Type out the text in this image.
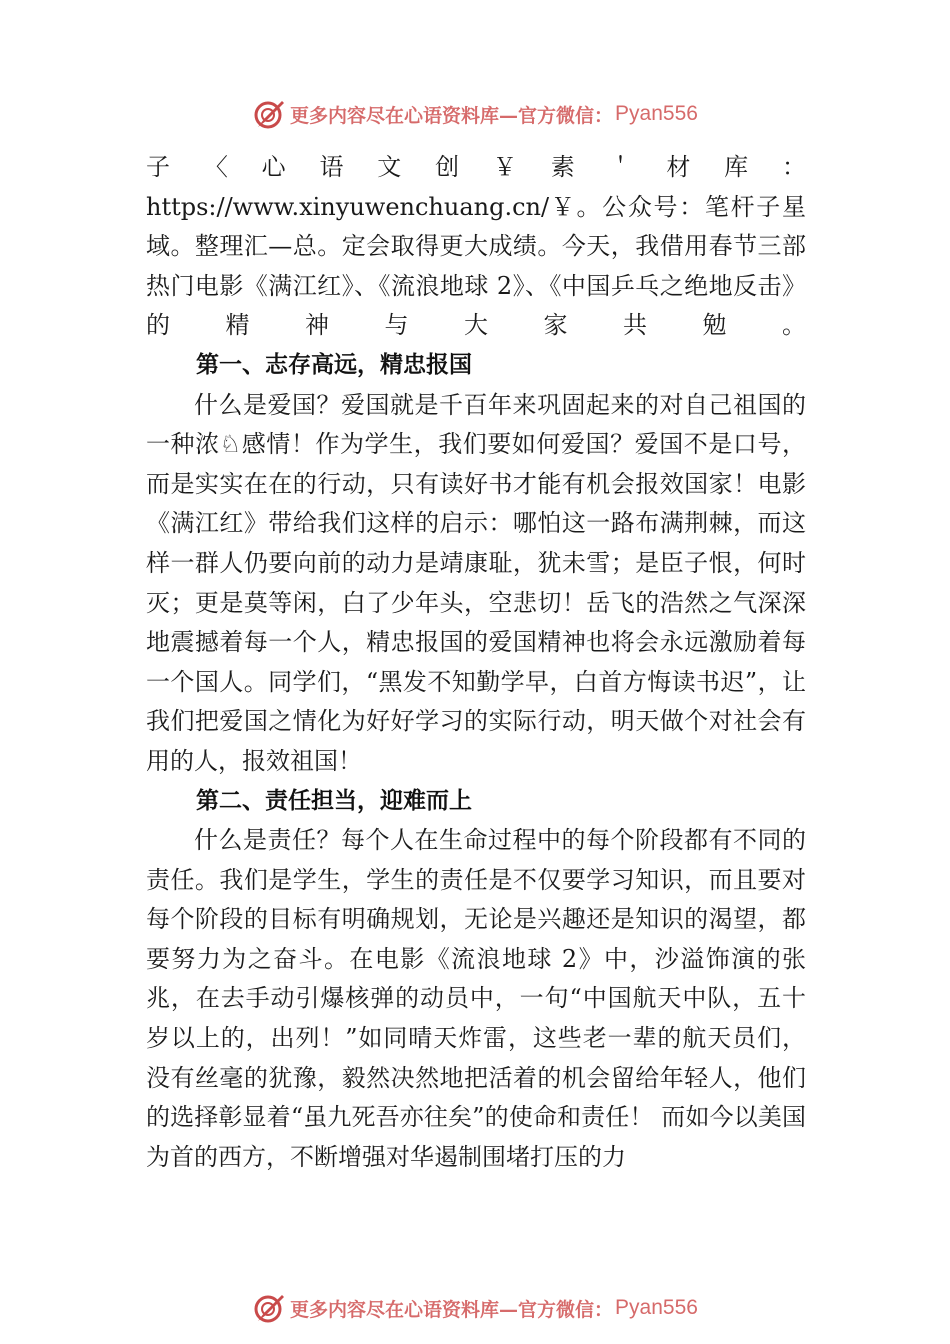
更多内容尽在心语资料库—官方微信： Pyan556

子〈心语文创￥素＇材库：https://www.xinyuwenchuang.cn/￥。公众号：笔杆子星域。整理汇—总。定会取得更大成绩。今天，我借用春节三部热门电影《满江红》、《流浪地球 2》、《中国乒乓之绝地反击》的精神与大家共勉。

第一、志存高远，精忠报国

什么是爱国？爱国就是千百年来巩固起来的对自己祖国的一种浓♘感情！作为学生，我们要如何爱国？爱国不是口号，而是实实在在的行动，只有读好书才能有机会报效国家！电影《满江红》带给我们这样的启示：哪怕这一路布满荆棘，而这样一群人仍要向前的动力是靖康耻，犹未雪；是臣子恨，何时灭；更是莫等闲，白了少年头，空悲切！岳飞的浩然之气深深地震撼着每一个人，精忠报国的爱国精神也将会永远激励着每一个国人。同学们，“黑发不知勤学早，白首方悔读书迟”，让我们把爱国之情化为好好学习的实际行动，明天做个对社会有用的人，报效祖国！

第二、责任担当，迎难而上

什么是责任？每个人在生命过程中的每个阶段都有不同的责任。我们是学生，学生的责任是不仅要学习知识，而且要对每个阶段的目标有明确规划，无论是兴趣还是知识的渴望，都要努力为之奋斗。在电影《流浪地球 2》中，沙溢饰演的张兆，在去手动引爆核弹的动员中，一句“中国航天中队，五十岁以上的，出列！”如同晴天炸雷，这些老一辈的航天员们，没有丝毫的犹豫，毅然决然地把活着的机会留给年轻人，他们的选择彰显着“虽九死吾亦往矣”的使命和责任！ 而如今以美国为首的西方，不断增强对华遏制围堵打压的力

更多内容尽在心语资料库—官方微信： Pyan556
